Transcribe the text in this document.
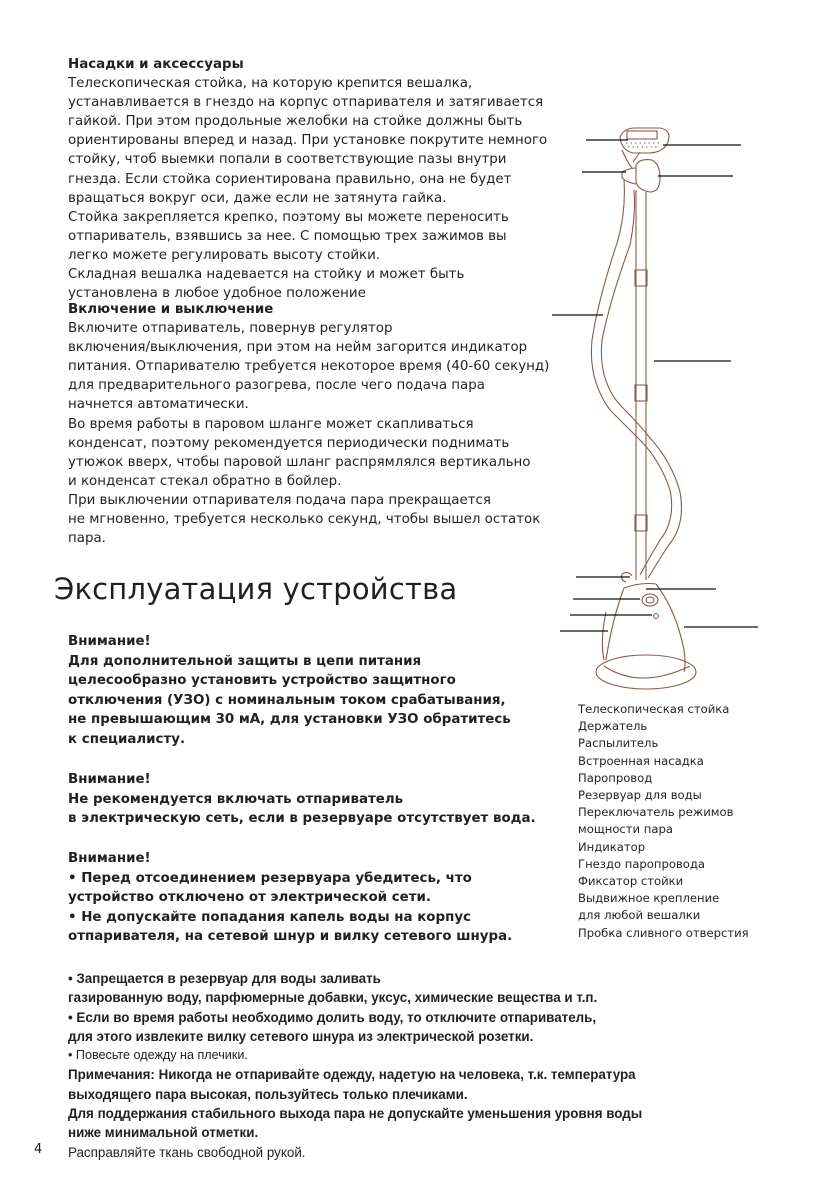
Насадки и аксессуары

Телескопическая стойка, на которую крепится вешалка,

устанавливается в гнездо на корпус отпаривателя и затягивается

гайкой. При этом продольные желобки на стойке должны быть

ориентированы вперед и назад. При установке покрутите немного

стойку, чтоб выемки попали в соответствующие пазы внутри

гнезда. Если стойка сориентирована правильно, она не будет

вращаться вокруг оси, даже если не затянута гайка.

Стойка закрепляется крепко, поэтому вы можете переносить

отпариватель, взявшись за нее. С помощью трех зажимов вы

легко можете регулировать высоту стойки.

Складная вешалка надевается на стойку и может быть

установлена в любое удобное положение

Включение и выключение

Включите отпариватель, повернув регулятор

включения/выключения, при этом на нейм загорится индикатор

питания. Отпаривателю требуется некоторое время (40-60 секунд)

для предварительного разогрева, после чего подача пара

начнется автоматически.

Во время работы в паровом шланге может скапливаться

конденсат, поэтому рекомендуется периодически поднимать

утюжок вверх, чтобы паровой шланг распрямлялся вертикально

и конденсат стекал обратно в бойлер.

При выключении отпаривателя подача пара прекращается

не мгновенно, требуется несколько секунд, чтобы вышел остаток

пара.

Эксплуатация устройства

Внимание!

Для дополнительной защиты в цепи питания

целесообразно установить устройство защитного

отключения (УЗО) с номинальным током срабатывания,

не превышающим 30 мА, для установки УЗО обратитесь

к специалисту.

Внимание!

Не рекомендуется включать отпариватель

в электрическую сеть, если в резервуаре отсутствует вода.

Внимание!

• Перед отсоединением резервуара убедитесь, что

устройство отключено от электрической сети.

• Не допускайте попадания капель воды на корпус

отпаривателя, на сетевой шнур и вилку сетевого шнура.

• Запрещается в резервуар для воды заливать

газированную воду, парфюмерные добавки, уксус, химические вещества и т.п.

• Если во время работы необходимо долить воду, то отключите отпариватель,

для этого извлеките вилку сетевого шнура из электрической розетки.

• Повесьте одежду на плечики.

Примечания: Никогда не отпаривайте одежду, надетую на человека, т.к. температура

выходящего пара высокая, пользуйтесь только плечиками.

Для поддержания стабильного выхода пара не допускайте уменьшения уровня воды

ниже минимальной отметки.

Расправляйте ткань свободной рукой.

Телескопическая стойка
Держатель
Распылитель
Встроенная насадка
Паропровод
Резервуар для воды
Переключатель режимов
мощности пара
Индикатор
Гнездо паропровода
Фиксатор стойки
Выдвижное крепление
для любой вешалки
Пробка сливного отверстия
4
